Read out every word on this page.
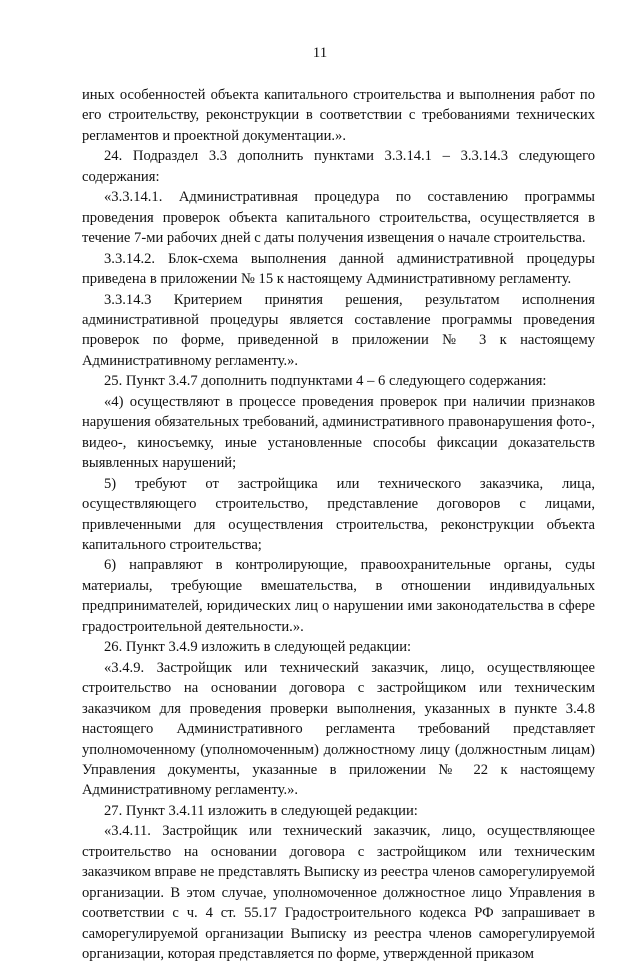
11

иных особенностей объекта капитального строительства и выполнения работ по его строительству, реконструкции в соответствии с требованиями технических регламентов и проектной документации.».

24. Подраздел 3.3 дополнить пунктами 3.3.14.1 – 3.3.14.3 следующего содержания:

«3.3.14.1. Административная процедура по составлению программы проведения проверок объекта капитального строительства, осуществляется в течение 7-ми рабочих дней с даты получения извещения о начале строительства.

3.3.14.2. Блок-схема выполнения данной административной процедуры приведена в приложении № 15 к настоящему Административному регламенту.

3.3.14.3 Критерием принятия решения, результатом исполнения административной процедуры является составление программы проведения проверок по форме, приведенной в приложении № 3 к настоящему Административному регламенту.».

25. Пункт 3.4.7 дополнить подпунктами 4 – 6 следующего содержания:

«4) осуществляют в процессе проведения проверок при наличии признаков нарушения обязательных требований, административного правонарушения фото-, видео-, киносъемку, иные установленные способы фиксации доказательств выявленных нарушений;

5) требуют от застройщика или технического заказчика, лица, осуществляющего строительство, представление договоров с лицами, привлеченными для осуществления строительства, реконструкции объекта капитального строительства;

6) направляют в контролирующие, правоохранительные органы, суды материалы, требующие вмешательства, в отношении индивидуальных предпринимателей, юридических лиц о нарушении ими законодательства в сфере градостроительной деятельности.».

26. Пункт 3.4.9 изложить в следующей редакции:

«3.4.9. Застройщик или технический заказчик, лицо, осуществляющее строительство на основании договора с застройщиком или техническим заказчиком для проведения проверки выполнения, указанных в пункте 3.4.8 настоящего Административного регламента требований представляет уполномоченному (уполномоченным) должностному лицу (должностным лицам) Управления документы, указанные в приложении № 22 к настоящему Административному регламенту.».

27. Пункт 3.4.11 изложить в следующей редакции:

«3.4.11. Застройщик или технический заказчик, лицо, осуществляющее строительство на основании договора с застройщиком или техническим заказчиком вправе не представлять Выписку из реестра членов саморегулируемой организации. В этом случае, уполномоченное должностное лицо Управления в соответствии с ч. 4 ст. 55.17 Градостроительного кодекса РФ запрашивает в саморегулируемой организации Выписку из реестра членов саморегулируемой организации, которая представляется по форме, утвержденной приказом
